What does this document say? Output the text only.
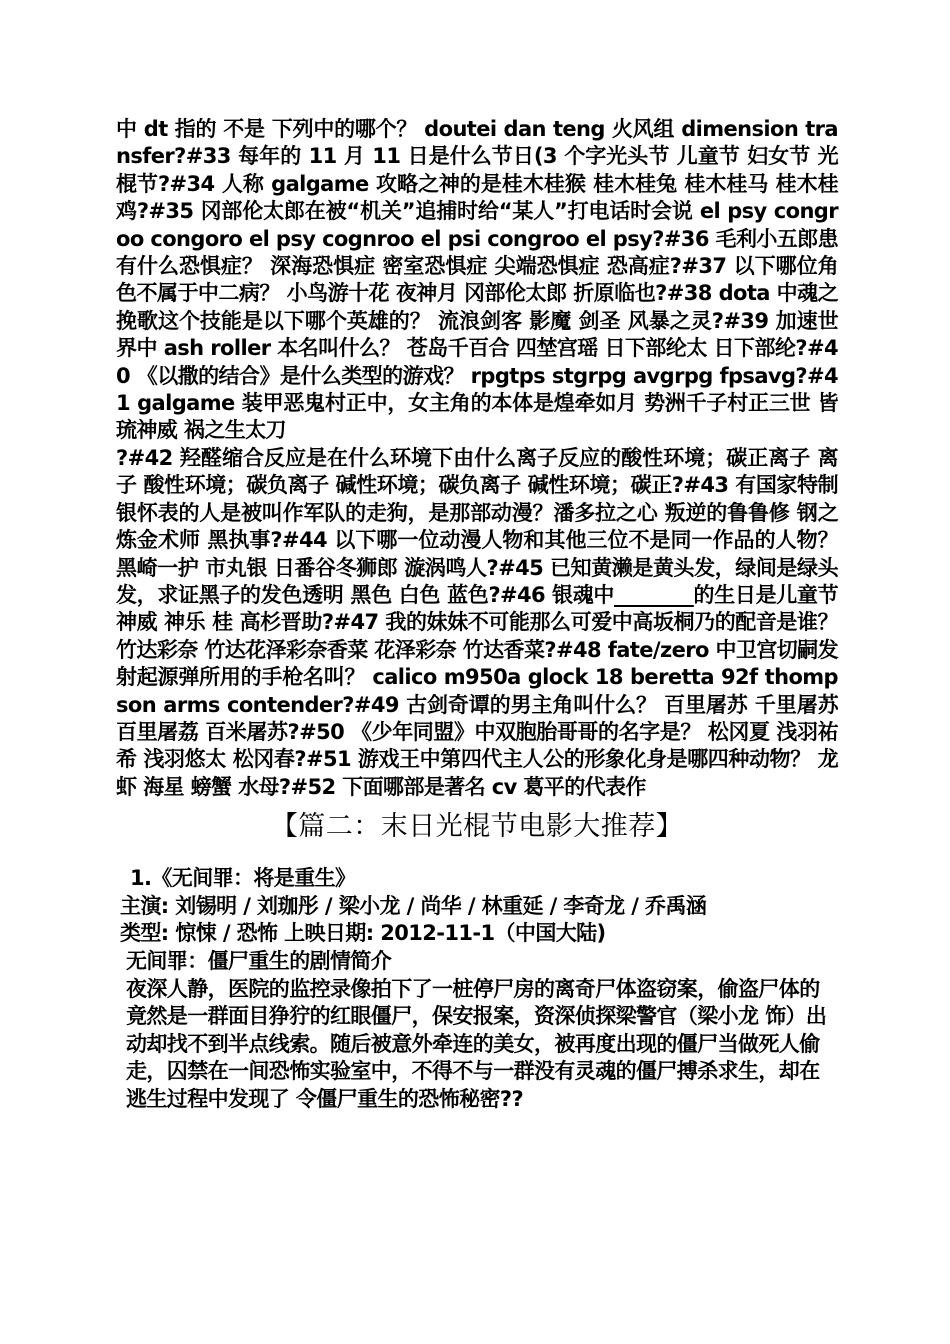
中 dt 指的 不是 下列中的哪个？ doutei dan teng 火风组 dimension transfer?#33 每年的 11 月 11 日是什么节日(3 个字光头节 儿童节 妇女节 光棍节?#34 人称 galgame 攻略之神的是桂木桂猴 桂木桂兔 桂木桂马 桂木桂鸡?#35 冈部伦太郎在被“机关”追捕时给“某人”打电话时会说 el psy congroo congoro el psy cognroo el psi congroo el psy?#36 毛利小五郎患有什么恐惧症？ 深海恐惧症 密室恐惧症 尖端恐惧症 恐高症?#37 以下哪位角色不属于中二病？ 小鸟游十花 夜神月 冈部伦太郎 折原临也?#38 dota 中魂之挽歌这个技能是以下哪个英雄的？ 流浪剑客 影魔 剑圣 风暴之灵?#39 加速世界中 ash roller 本名叫什么？ 苍岛千百合 四埜宫瑶 日下部纶太 日下部纶?#40 《以撒的结合》是什么类型的游戏？ rpgtps stgrpg avgrpg fpsavg?#41 galgame 装甲恶鬼村正中，女主角的本体是煌牵如月 势洲千子村正三世 皆琉神威 祸之生太刀

?#42 羟醛缩合反应是在什么环境下由什么离子反应的酸性环境；碳正离子 离子 酸性环境；碳负离子 碱性环境；碳负离子 碱性环境；碳正?#43 有国家特制银怀表的人是被叫作军队的走狗，是那部动漫？潘多拉之心 叛逆的鲁鲁修 钢之炼金术师 黑执事?#44 以下哪一位动漫人物和其他三位不是同一作品的人物？ 黑崎一护 市丸银 日番谷冬狮郎 漩涡鸣人?#45 已知黄濑是黄头发，绿间是绿头发，求证黑子的发色透明 黑色 白色 蓝色?#46 银魂中________的生日是儿童节神威 神乐 桂 高杉晋助?#47 我的妹妹不可能那么可爱中高坂桐乃的配音是谁？ 竹达彩奈 竹达花泽彩奈香菜 花泽彩奈 竹达香菜?#48 fate/zero 中卫宫切嗣发射起源弹所用的手枪名叫？ calico m950a glock 18 beretta 92f thompson arms contender?#49 古剑奇谭的男主角叫什么？ 百里屠苏 千里屠苏 百里屠荔 百米屠苏?#50 《少年同盟》中双胞胎哥哥的名字是？ 松冈夏 浅羽祐希 浅羽悠太 松冈春?#51 游戏王中第四代主人公的形象化身是哪四种动物？ 龙虾 海星 螃蟹 水母?#52 下面哪部是著名 cv 葛平的代表作

【篇二：末日光棍节电影大推荐】

1.《无间罪：将是重生》

主演: 刘锡明 / 刘珈彤 / 梁小龙 / 尚华 / 林重延 / 李奇龙 / 乔禹涵

类型: 惊悚 / 恐怖 上映日期: 2012-11-1（中国大陆)

无间罪：僵尸重生的剧情简介

夜深人静，医院的监控录像拍下了一桩停尸房的离奇尸体盗窃案，偷盗尸体的竟然是一群面目狰狞的红眼僵尸，保安报案，资深侦探梁警官（梁小龙 饰）出动却找不到半点线索。随后被意外牵连的美女，被再度出现的僵尸当做死人偷走，囚禁在一间恐怖实验室中，不得不与一群没有灵魂的僵尸搏杀求生，却在逃生过程中发现了 令僵尸重生的恐怖秘密??
